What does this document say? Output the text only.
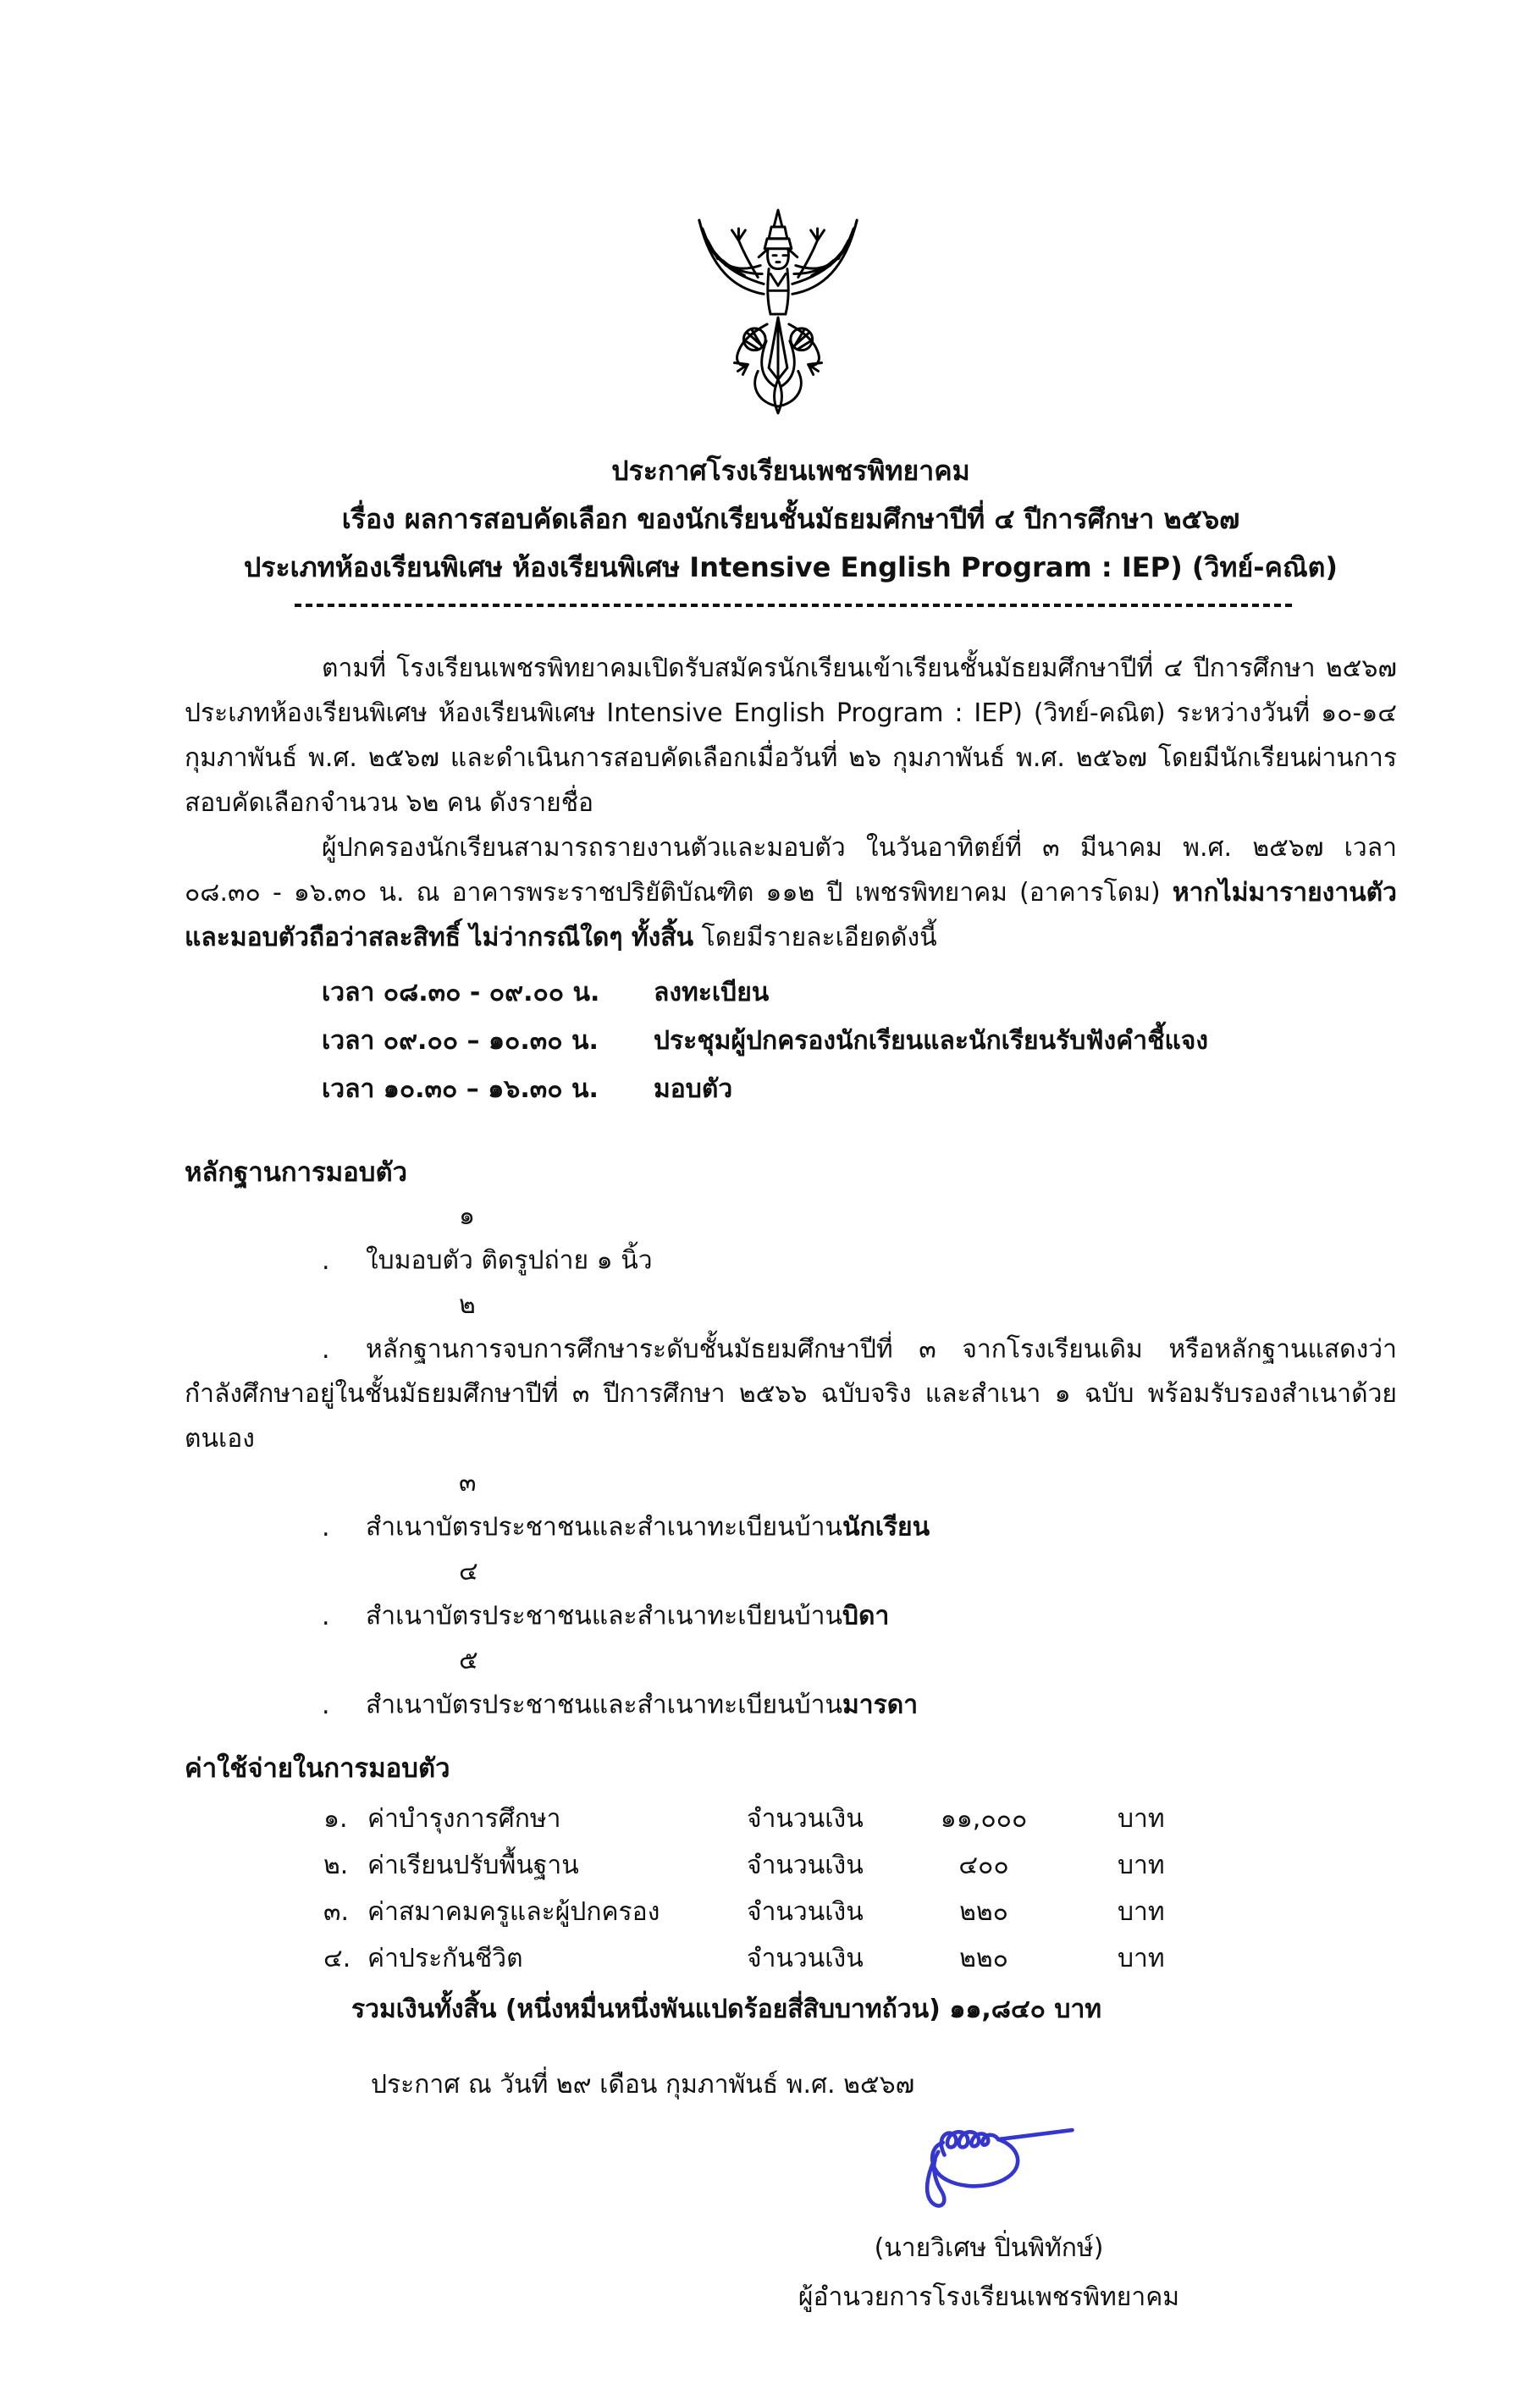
ประกาศโรงเรียนเพชรพิทยาคม
เรื่อง ผลการสอบคัดเลือก ของนักเรียนชั้นมัธยมศึกษาปีที่ ๔ ปีการศึกษา ๒๕๖๗
ประเภทห้องเรียนพิเศษ ห้องเรียนพิเศษ Intensive English Program : IEP) (วิทย์-คณิต)

ตามที่ โรงเรียนเพชรพิทยาคมเปิดรับสมัครนักเรียนเข้าเรียนชั้นมัธยมศึกษาปีที่ ๔ ปีการศึกษา ๒๕๖๗ ประเภทห้องเรียนพิเศษ ห้องเรียนพิเศษ Intensive English Program : IEP) (วิทย์-คณิต) ระหว่างวันที่ ๑๐-๑๔ กุมภาพันธ์ พ.ศ. ๒๕๖๗ และดำเนินการสอบคัดเลือกเมื่อวันที่ ๒๖ กุมภาพันธ์ พ.ศ. ๒๕๖๗ โดยมีนักเรียนผ่านการสอบคัดเลือกจำนวน ๖๒ คน ดังรายชื่อ

ผู้ปกครองนักเรียนสามารถรายงานตัวและมอบตัว ในวันอาทิตย์ที่ ๓ มีนาคม พ.ศ. ๒๕๖๗ เวลา ๐๘.๓๐ - ๑๖.๓๐ น. ณ อาคารพระราชปริยัติบัณฑิต ๑๑๒ ปี เพชรพิทยาคม (อาคารโดม) หากไม่มารายงานตัวและมอบตัวถือว่าสละสิทธิ์ ไม่ว่ากรณีใดๆ ทั้งสิ้น โดยมีรายละเอียดดังนี้

เวลา ๐๘.๓๐ - ๐๙.๐๐ น. ลงทะเบียน
เวลา ๐๙.๐๐ – ๑๐.๓๐ น. ประชุมผู้ปกครองนักเรียนและนักเรียนรับฟังคำชี้แจง
เวลา ๑๐.๓๐ – ๑๖.๓๐ น. มอบตัว
หลักฐานการมอบตัว
๑. ใบมอบตัว ติดรูปถ่าย ๑ นิ้ว
๒. หลักฐานการจบการศึกษาระดับชั้นมัธยมศึกษาปีที่ ๓ จากโรงเรียนเดิม หรือหลักฐานแสดงว่ากำลังศึกษาอยู่ในชั้นมัธยมศึกษาปีที่ ๓ ปีการศึกษา ๒๕๖๖ ฉบับจริง และสำเนา ๑ ฉบับ พร้อมรับรองสำเนาด้วยตนเอง
๓. สำเนาบัตรประชาชนและสำเนาทะเบียนบ้านนักเรียน
๔. สำเนาบัตรประชาชนและสำเนาทะเบียนบ้านบิดา
๕. สำเนาบัตรประชาชนและสำเนาทะเบียนบ้านมารดา
ค่าใช้จ่ายในการมอบตัว
๑. ค่าบำรุงการศึกษา	จำนวนเงิน	๑๑,๐๐๐	บาท
๒. ค่าเรียนปรับพื้นฐาน	จำนวนเงิน	๔๐๐	บาท
๓. ค่าสมาคมครูและผู้ปกครอง	จำนวนเงิน	๒๒๐	บาท
๔. ค่าประกันชีวิต	จำนวนเงิน	๒๒๐	บาท
รวมเงินทั้งสิ้น (หนึ่งหมื่นหนึ่งพันแปดร้อยสี่สิบบาทถ้วน) ๑๑,๘๔๐ บาท
ประกาศ ณ วันที่ ๒๙ เดือน กุมภาพันธ์ พ.ศ. ๒๕๖๗
(นายวิเศษ ปิ่นพิทักษ์)
ผู้อำนวยการโรงเรียนเพชรพิทยาคม
